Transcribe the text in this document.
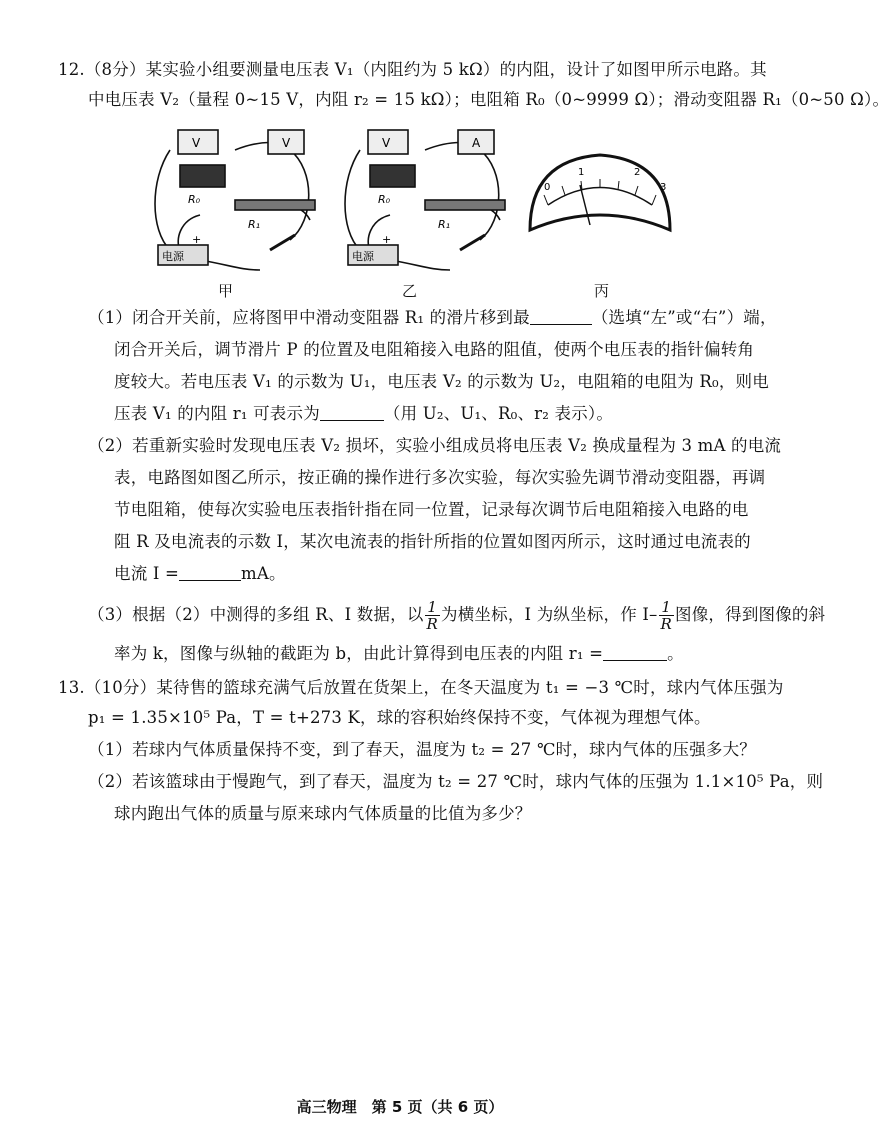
12.（8分）某实验小组要测量电压表 V₁（内阻约为 5 kΩ）的内阻，设计了如图甲所示电路。其
中电压表 V₂（量程 0~15 V，内阻 r₂ = 15 kΩ）；电阻箱 R₀（0~9999 Ω）；滑动变阻器 R₁（0~50 Ω）。
V	V
R₀
R₁
电源
+
V	A
R₀
R₁
电源
+
0
1	2
3
甲	乙	丙
（1）闭合开关前，应将图甲中滑动变阻器 R₁ 的滑片移到最	（选填“左”或“右”）端，
闭合开关后，调节滑片 P 的位置及电阻箱接入电路的阻值，使两个电压表的指针偏转角
度较大。若电压表 V₁ 的示数为 U₁，电压表 V₂ 的示数为 U₂，电阻箱的电阻为 R₀，则电
压表 V₁ 的内阻 r₁ 可表示为	（用 U₂、U₁、R₀、r₂ 表示）。
（2）若重新实验时发现电压表 V₂ 损坏，实验小组成员将电压表 V₂ 换成量程为 3 mA 的电流
表，电路图如图乙所示，按正确的操作进行多次实验，每次实验先调节滑动变阻器，再调
节电阻箱，使每次实验电压表指针指在同一位置，记录每次调节后电阻箱接入电路的电
阻 R 及电流表的示数 I，某次电流表的指针所指的位置如图丙所示，这时通过电流表的
电流 I =	mA。
（3）根据（2）中测得的多组 R、I 数据，以 $\frac{1}{R}$ 为横坐标，I 为纵坐标，作 $I- \frac{1}{R}$ 图像，得到图像的斜
率为 k，图像与纵轴的截距为 b，由此计算得到电压表的内阻 r₁ =	。
13.（10分）某待售的篮球充满气后放置在货架上，在冬天温度为 t₁ = −3 ℃时，球内气体压强为
p₁ = 1.35×10⁵ Pa，T = t+273 K，球的容积始终保持不变，气体视为理想气体。
（1）若球内气体质量保持不变，到了春天，温度为 t₂ = 27 ℃时，球内气体的压强多大？
（2）若该篮球由于慢跑气，到了春天，温度为 t₂ = 27 ℃时，球内气体的压强为 1.1×10⁵ Pa，则
球内跑出气体的质量与原来球内气体质量的比值为多少？
高三物理　第 5 页（共 6 页）
